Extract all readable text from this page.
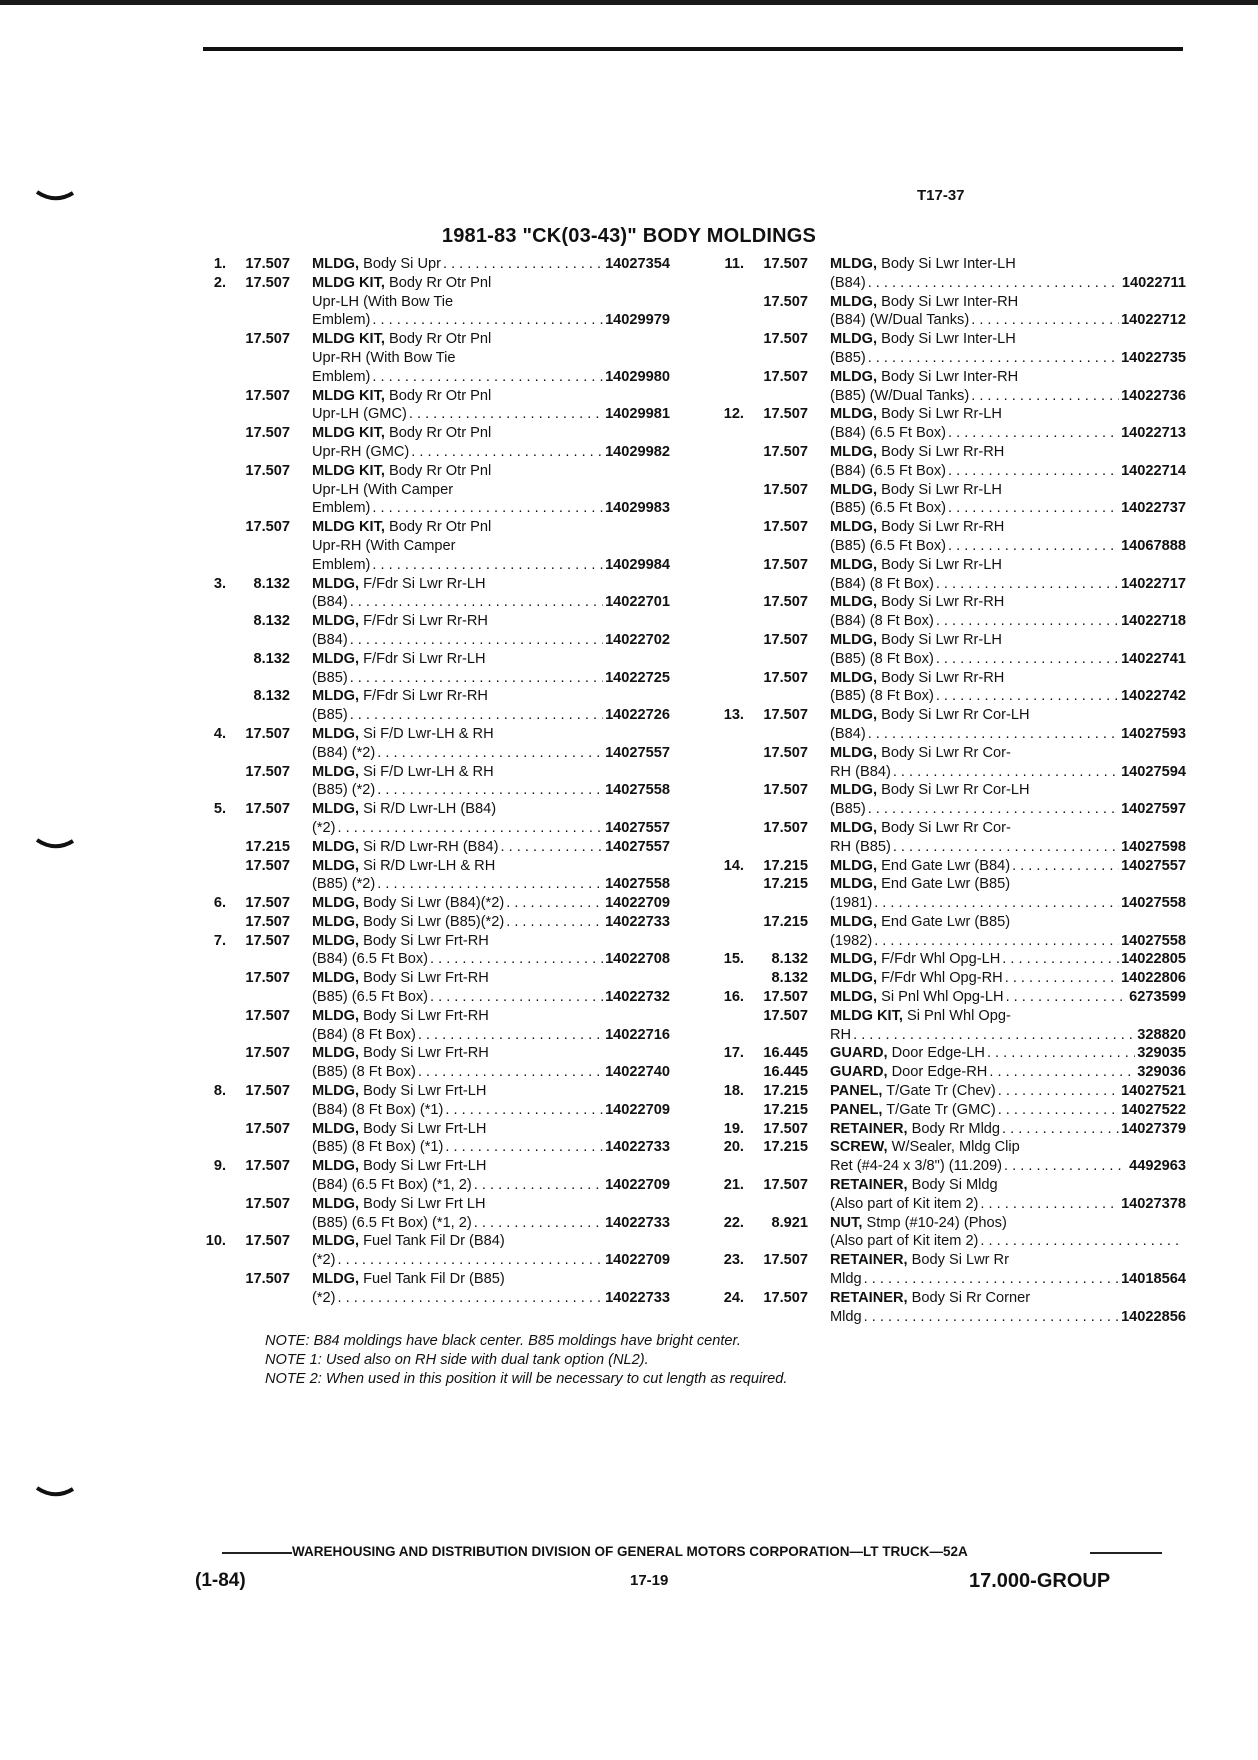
T17-37
1981-83 "CK(03-43)" BODY MOLDINGS
1.	17.507 MLDG, Body Si Upr . . .	14027354
2.	17.507 MLDG KIT, Body Rr Otr Pnl
Upr-LH (With Bow Tie
Emblem) . . .	14029979
17.507 MLDG KIT, Body Rr Otr Pnl
Upr-RH (With Bow Tie
Emblem) . . .	14029980
17.507 MLDG KIT, Body Rr Otr Pnl
Upr-LH (GMC) . . .	14029981
17.507 MLDG KIT, Body Rr Otr Pnl
Upr-RH (GMC) . . .	14029982
17.507 MLDG KIT, Body Rr Otr Pnl
Upr-LH (With Camper
Emblem) . . .	14029983
17.507 MLDG KIT, Body Rr Otr Pnl
Upr-RH (With Camper
Emblem) . . .	14029984
3.	8.132 MLDG, F/Fdr Si Lwr Rr-LH
(B84) . . .	14022701
8.132 MLDG, F/Fdr Si Lwr Rr-RH
(B84) . . .	14022702
8.132 MLDG, F/Fdr Si Lwr Rr-LH
(B85) . . .	14022725
8.132 MLDG, F/Fdr Si Lwr Rr-RH
(B85) . . .	14022726
4.	17.507 MLDG, Si F/D Lwr-LH & RH
(B84) (*2) . . .	14027557
17.507 MLDG, Si F/D Lwr-LH & RH
(B85) (*2) . . .	14027558
5.	17.507 MLDG, Si R/D Lwr-LH (B84)
(*2) . . .	14027557
17.215 MLDG, Si R/D Lwr-RH (B84) . . .	14027557
17.507 MLDG, Si R/D Lwr-LH & RH
(B85) (*2) . . .	14027558
6.	17.507 MLDG, Body Si Lwr (B84)(*2) . . .	14022709
17.507 MLDG, Body Si Lwr (B85)(*2) . . .	14022733
7.	17.507 MLDG, Body Si Lwr Frt-RH
(B84) (6.5 Ft Box) . . .	14022708
17.507 MLDG, Body Si Lwr Frt-RH
(B85) (6.5 Ft Box) . . .	14022732
17.507 MLDG, Body Si Lwr Frt-RH
(B84) (8 Ft Box) . . .	14022716
17.507 MLDG, Body Si Lwr Frt-RH
(B85) (8 Ft Box) . . .	14022740
8.	17.507 MLDG, Body Si Lwr Frt-LH
(B84) (8 Ft Box) (*1) . . .	14022709
17.507 MLDG, Body Si Lwr Frt-LH
(B85) (8 Ft Box) (*1) . . .	14022733
9.	17.507 MLDG, Body Si Lwr Frt-LH
(B84) (6.5 Ft Box) (*1, 2) . . .	14022709
17.507 MLDG, Body Si Lwr Frt LH
(B85) (6.5 Ft Box) (*1, 2) . . .	14022733
10.	17.507 MLDG, Fuel Tank Fil Dr (B84)
(*2) . . .	14022709
17.507 MLDG, Fuel Tank Fil Dr (B85)
(*2) . . .	14022733
11.	17.507 MLDG, Body Si Lwr Inter-LH
(B84) . . .	14022711
17.507 MLDG, Body Si Lwr Inter-RH
(B84) (W/Dual Tanks) . . .	14022712
17.507 MLDG, Body Si Lwr Inter-LH
(B85) . . .	14022735
17.507 MLDG, Body Si Lwr Inter-RH
(B85) (W/Dual Tanks) . . .	14022736
12.	17.507 MLDG, Body Si Lwr Rr-LH
(B84) (6.5 Ft Box) . . .	14022713
17.507 MLDG, Body Si Lwr Rr-RH
(B84) (6.5 Ft Box) . . .	14022714
17.507 MLDG, Body Si Lwr Rr-LH
(B85) (6.5 Ft Box) . . .	14022737
17.507 MLDG, Body Si Lwr Rr-RH
(B85) (6.5 Ft Box) . . .	14067888
17.507 MLDG, Body Si Lwr Rr-LH
(B84) (8 Ft Box) . . .	14022717
17.507 MLDG, Body Si Lwr Rr-RH
(B84) (8 Ft Box) . . .	14022718
17.507 MLDG, Body Si Lwr Rr-LH
(B85) (8 Ft Box) . . .	14022741
17.507 MLDG, Body Si Lwr Rr-RH
(B85) (8 Ft Box) . . .	14022742
13.	17.507 MLDG, Body Si Lwr Rr Cor-LH
(B84) . . .	14027593
17.507 MLDG, Body Si Lwr Rr Cor-
RH (B84) . . .	14027594
17.507 MLDG, Body Si Lwr Rr Cor-LH
(B85) . . .	14027597
17.507 MLDG, Body Si Lwr Rr Cor-
RH (B85) . . .	14027598
14.	17.215 MLDG, End Gate Lwr (B84) . . .	14027557
17.215 MLDG, End Gate Lwr (B85)
(1981) . . .	14027558
17.215 MLDG, End Gate Lwr (B85)
(1982) . . .	14027558
15.	8.132 MLDG, F/Fdr Whl Opg-LH . . .	14022805
8.132 MLDG, F/Fdr Whl Opg-RH . . .	14022806
16.	17.507 MLDG, Si Pnl Whl Opg-LH . . .	6273599
17.507 MLDG KIT, Si Pnl Whl Opg-
RH . . .	328820
17.	16.445 GUARD, Door Edge-LH . . .	329035
16.445 GUARD, Door Edge-RH . . .	329036
18.	17.215 PANEL, T/Gate Tr (Chev) . . .	14027521
17.215 PANEL, T/Gate Tr (GMC) . . .	14027522
19.	17.507 RETAINER, Body Rr Mldg . . .	14027379
20.	17.215 SCREW, W/Sealer, Mldg Clip
Ret (#4-24 x 3/8") (11.209) . . .	4492963
21.	17.507 RETAINER, Body Si Mldg
(Also part of Kit item 2) . . .	14027378
22.	8.921 NUT, Stmp (#10-24) (Phos)
(Also part of Kit item 2)
. . .
23.	17.507 RETAINER, Body Si Lwr Rr
Mldg . . .	14018564
24.	17.507 RETAINER, Body Si Rr Corner
Mldg . . .	14022856
NOTE: B84 moldings have black center. B85 moldings have bright center.
NOTE 1: Used also on RH side with dual tank option (NL2).
NOTE 2: When used in this position it will be necessary to cut length as required.
WAREHOUSING AND DISTRIBUTION DIVISION OF GENERAL MOTORS CORPORATION—LT TRUCK—52A
(1-84)	17-19	17.000-GROUP
